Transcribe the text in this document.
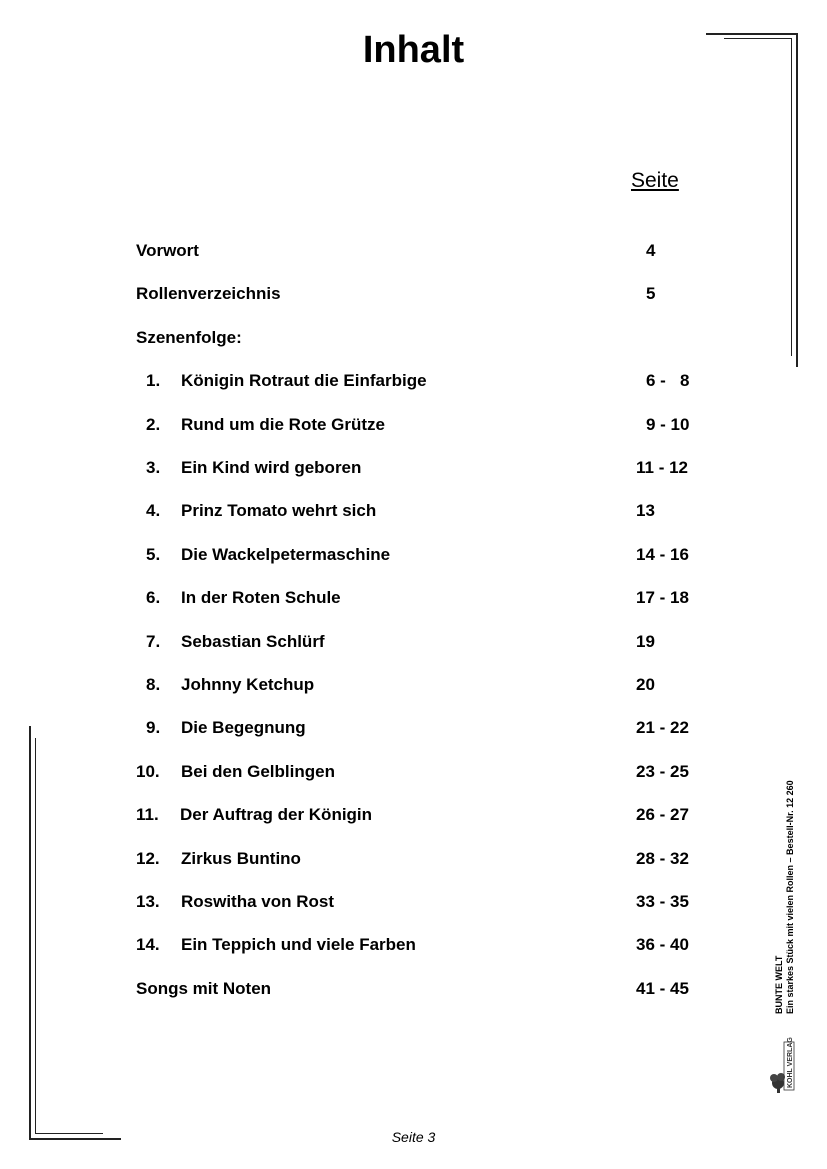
Inhalt
Seite
Vorwort	4
Rollenverzeichnis	5
Szenenfolge:
1. Königin Rotraut die Einfarbige	6 -   8
2. Rund um die Rote Grütze	9 - 10
3. Ein Kind wird geboren	11 - 12
4. Prinz Tomato wehrt sich	13
5. Die Wackelpetermaschine	14 - 16
6. In der Roten Schule	17 - 18
7. Sebastian Schlürf	19
8. Johnny Ketchup	20
9. Die Begegnung	21 - 22
10. Bei den Gelblingen	23 - 25
11. Der Auftrag der Königin	26 - 27
12. Zirkus Buntino	28 - 32
13. Roswitha von Rost	33 - 35
14. Ein Teppich und viele Farben	36 - 40
Songs mit Noten	41 - 45
Seite 3
BUNTE WELT Ein starkes Stück mit vielen Rollen – Bestell-Nr. 12 260
KOHL VERLAG
